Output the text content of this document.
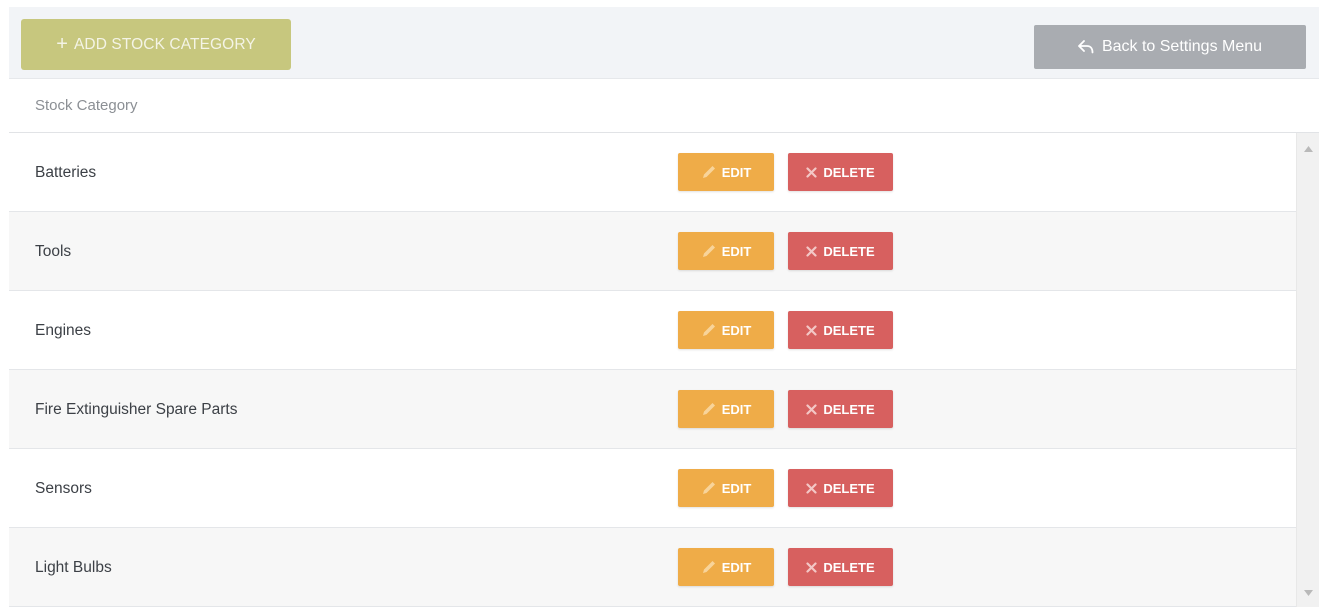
+ ADD STOCK CATEGORY	Back to Settings Menu
Stock Category
Batteries	EDIT	DELETE
Tools	EDIT	DELETE
Engines	EDIT	DELETE
Fire Extinguisher Spare Parts	EDIT	DELETE
Sensors	EDIT	DELETE
Light Bulbs	EDIT	DELETE
